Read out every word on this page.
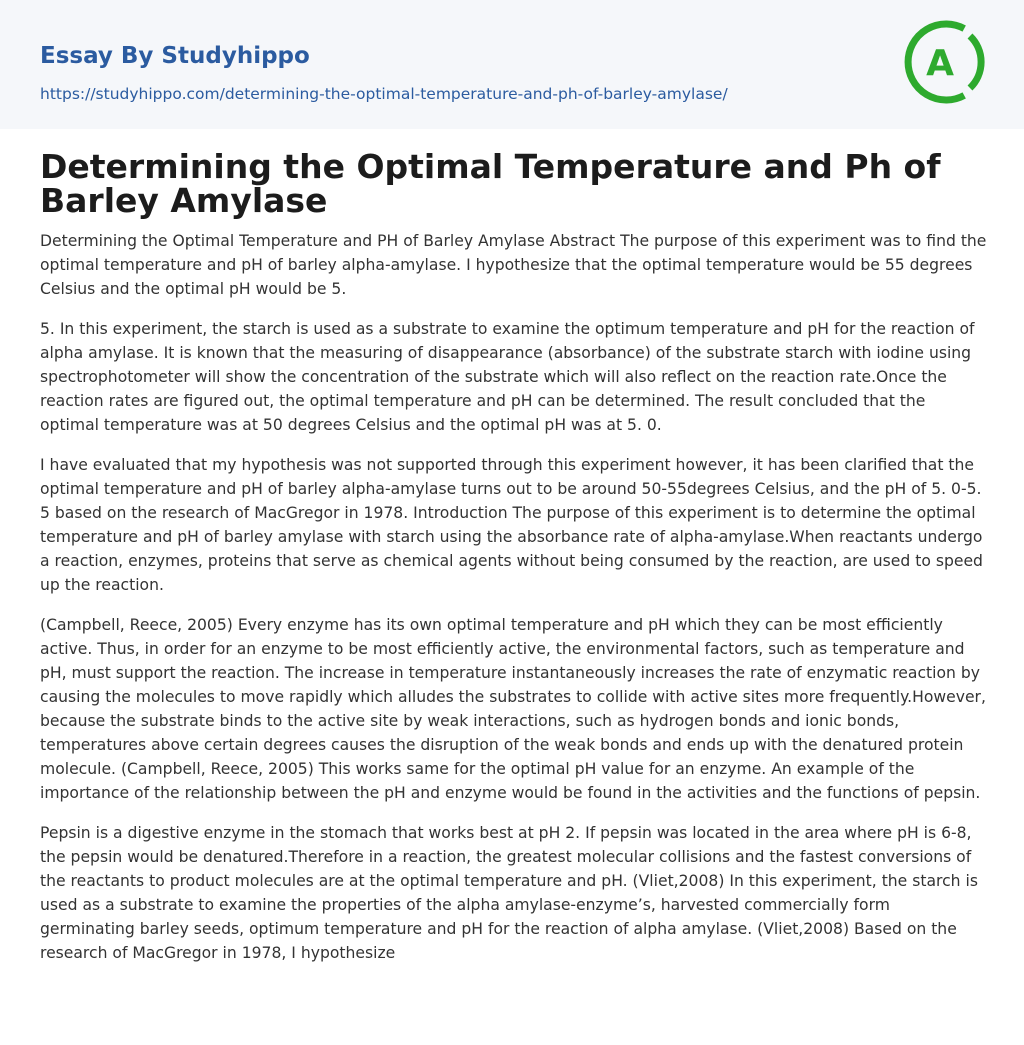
Essay By Studyhippo
https://studyhippo.com/determining-the-optimal-temperature-and-ph-of-barley-amylase/
A
Determining the Optimal Temperature and Ph of Barley Amylase

Determining the Optimal Temperature and PH of Barley Amylase Abstract The purpose of this experiment was to find the optimal temperature and pH of barley alpha-amylase. I hypothesize that the optimal temperature would be 55 degrees Celsius and the optimal pH would be 5.

5. In this experiment, the starch is used as a substrate to examine the optimum temperature and pH for the reaction of alpha amylase. It is known that the measuring of disappearance (absorbance) of the substrate starch with iodine using spectrophotometer will show the concentration of the substrate which will also reflect on the reaction rate.Once the reaction rates are figured out, the optimal temperature and pH can be determined. The result concluded that the optimal temperature was at 50 degrees Celsius and the optimal pH was at 5. 0.

I have evaluated that my hypothesis was not supported through this experiment however, it has been clarified that the optimal temperature and pH of barley alpha-amylase turns out to be around 50-55degrees Celsius, and the pH of 5. 0-5. 5 based on the research of MacGregor in 1978. Introduction The purpose of this experiment is to determine the optimal temperature and pH of barley amylase with starch using the absorbance rate of alpha-amylase.When reactants undergo a reaction, enzymes, proteins that serve as chemical agents without being consumed by the reaction, are used to speed up the reaction.

(Campbell, Reece, 2005) Every enzyme has its own optimal temperature and pH which they can be most efficiently active. Thus, in order for an enzyme to be most efficiently active, the environmental factors, such as temperature and pH, must support the reaction. The increase in temperature instantaneously increases the rate of enzymatic reaction by causing the molecules to move rapidly which alludes the substrates to collide with active sites more frequently.However, because the substrate binds to the active site by weak interactions, such as hydrogen bonds and ionic bonds, temperatures above certain degrees causes the disruption of the weak bonds and ends up with the denatured protein molecule. (Campbell, Reece, 2005) This works same for the optimal pH value for an enzyme. An example of the importance of the relationship between the pH and enzyme would be found in the activities and the functions of pepsin.

Pepsin is a digestive enzyme in the stomach that works best at pH 2. If pepsin was located in the area where pH is 6-8, the pepsin would be denatured.Therefore in a reaction, the greatest molecular collisions and the fastest conversions of the reactants to product molecules are at the optimal temperature and pH. (Vliet,2008) In this experiment, the starch is used as a substrate to examine the properties of the alpha amylase-enzyme’s, harvested commercially form germinating barley seeds, optimum temperature and pH for the reaction of alpha amylase. (Vliet,2008) Based on the research of MacGregor in 1978, I hypothesize
